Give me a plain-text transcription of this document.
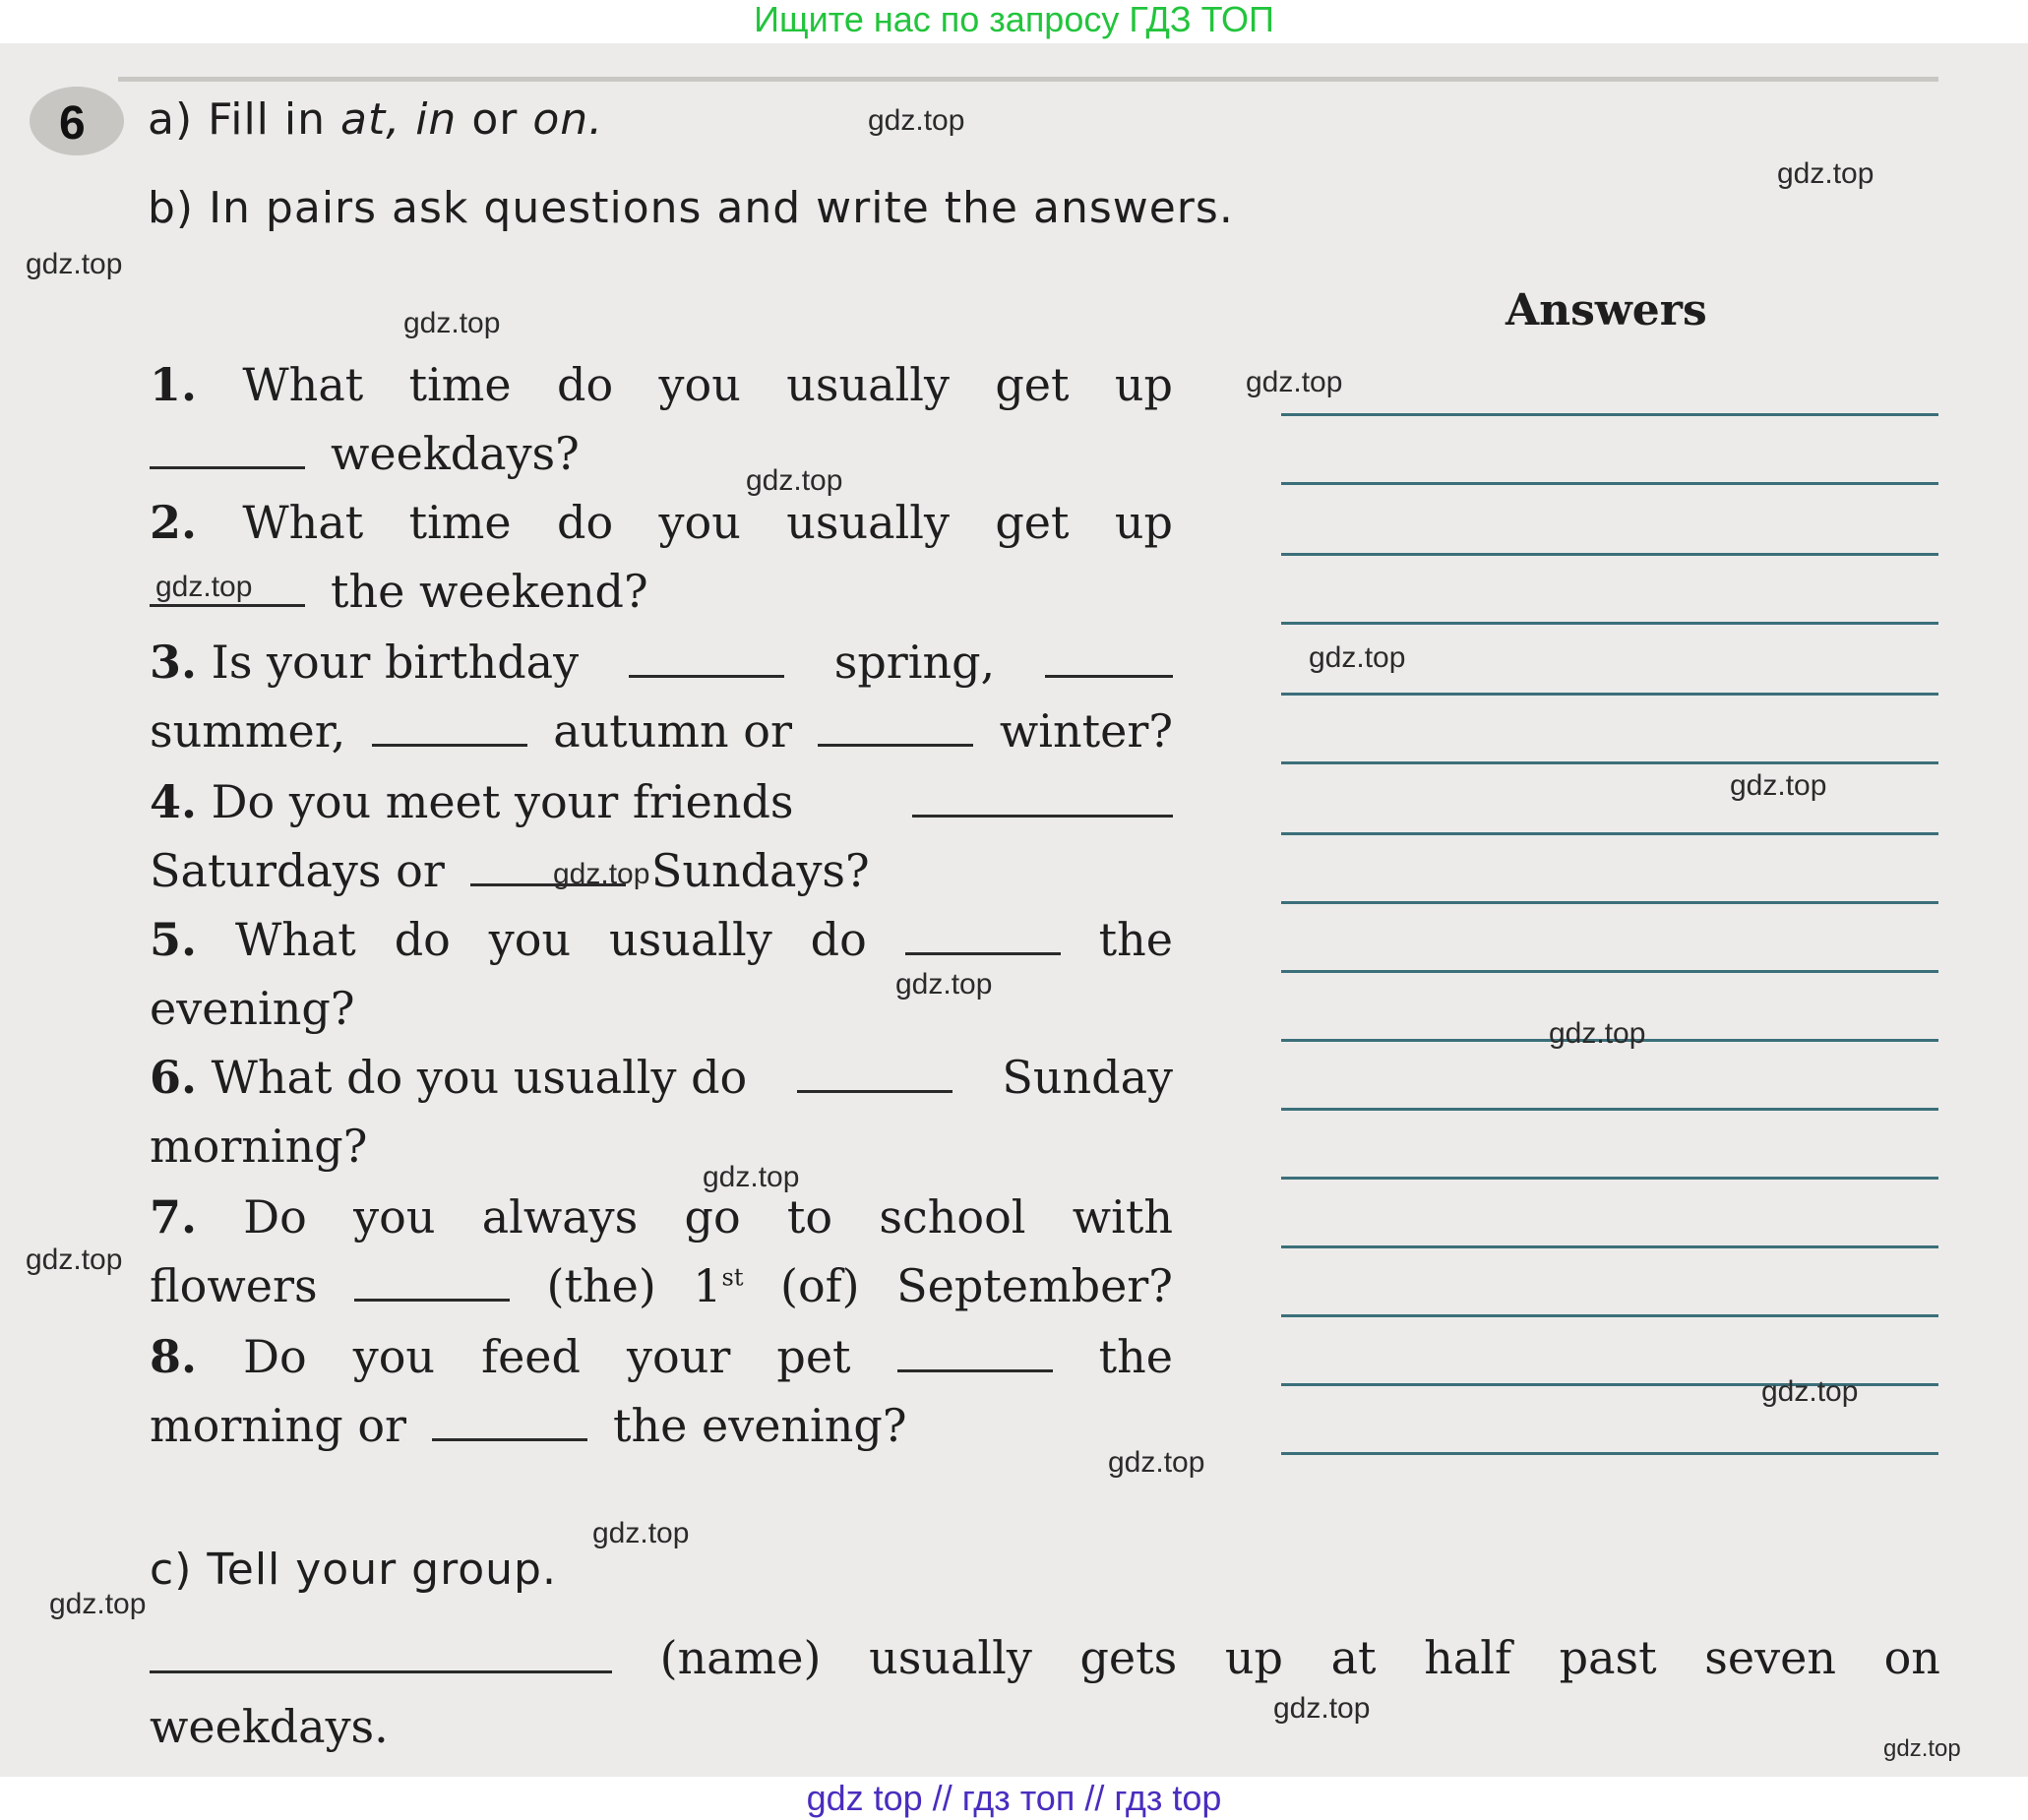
Ищите нас по запросу ГДЗ ТОП
6 a) Fill in at, in or on.
b) In pairs ask questions and write the answers.
Answers
1. What time do you usually get up
weekdays?
2. What time do you usually get up
the weekend?
3. Is your birthday	spring,
summer,	autumn or	winter?
4. Do you meet your friends
Saturdays or	Sundays?
5. What do you usually do	the
evening?
6. What do you usually do	Sunday
morning?
7. Do you always go to school with
flowers	(the) 1st (of) September?
8. Do you feed your pet	the
morning or	the evening?
c) Tell your group.
(name) usually gets up at half past seven on
weekdays.
gdz.top
gdz.top
gdz.top
gdz.top
gdz.top
gdz.top
gdz.top
gdz.top
gdz.top
gdz.top
gdz.top
gdz.top
gdz.top
gdz.top
gdz.top
gdz.top
gdz.top
gdz.top
gdz.top
gdz.top
gdz top // гдз топ // гдз top
